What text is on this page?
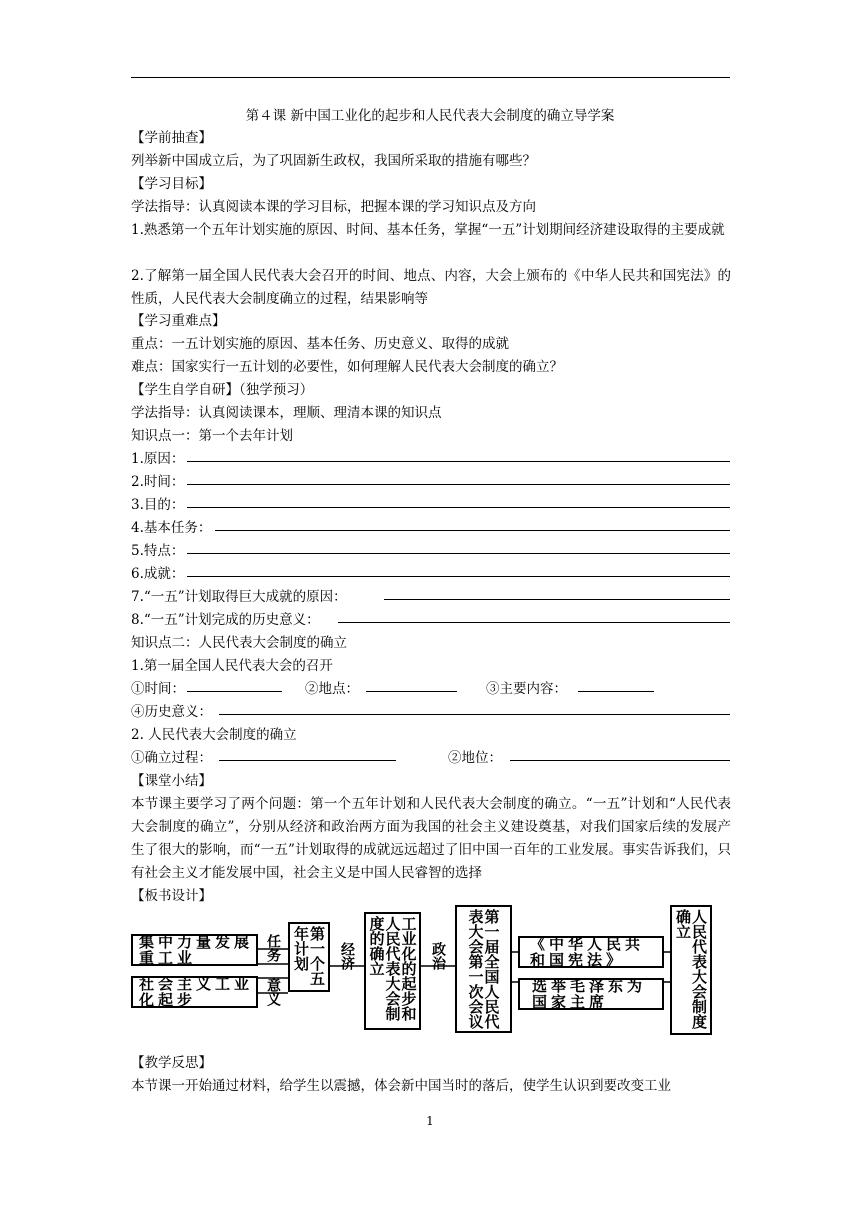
第４课 新中国工业化的起步和人民代表大会制度的确立导学案
【学前抽查】
列举新中国成立后，为了巩固新生政权，我国所采取的措施有哪些？
【学习目标】
学法指导：认真阅读本课的学习目标，把握本课的学习知识点及方向
1.熟悉第一个五年计划实施的原因、时间、基本任务，掌握“一五”计划期间经济建设取得的主要成就
2.了解第一届全国人民代表大会召开的时间、地点、内容，大会上颁布的《中华人民共和国宪法》的性质，人民代表大会制度确立的过程，结果影响等
【学习重难点】
重点：一五计划实施的原因、基本任务、历史意义、取得的成就
难点：国家实行一五计划的必要性，如何理解人民代表大会制度的确立？
【学生自学自研】（独学预习）
学法指导：认真阅读课本，理顺、理清本课的知识点
知识点一：第一个去年计划
1.原因：
2.时间：
3.目的：
4.基本任务：
5.特点：
6.成就：
7.“一五”计划取得巨大成就的原因：
8.“一五”计划完成的历史意义：
知识点二：人民代表大会制度的确立
1.第一届全国人民代表大会的召开
①时间：	②地点：	③主要内容：
④历史意义：
2. 人民代表大会制度的确立
①确立过程：	②地位：
【课堂小结】
本节课主要学习了两个问题：第一个五年计划和人民代表大会制度的确立。“一五”计划和“人民代表大会制度的确立”，分别从经济和政治两方面为我国的社会主义建设奠基，对我们国家后续的发展产生了很大的影响，而“一五”计划取得的成就远远超过了旧中国一百年的工业发展。事实告诉我们，只有社会主义才能发展中国，社会主义是中国人民睿智的选择
【板书设计】
集中力量发展重工业
社会主义工业化起步
任务
意义
第一个五年计划	经济	工业化的起步和人民代表大会制度的确立	政治	第一届全国人民代表大会第一次会议	《中华人民共和国宪法》
选举毛泽东为国家主席	人民代表大会制度确立
【教学反思】
本节课一开始通过材料，给学生以震撼，体会新中国当时的落后，使学生认识到要改变工业
1
